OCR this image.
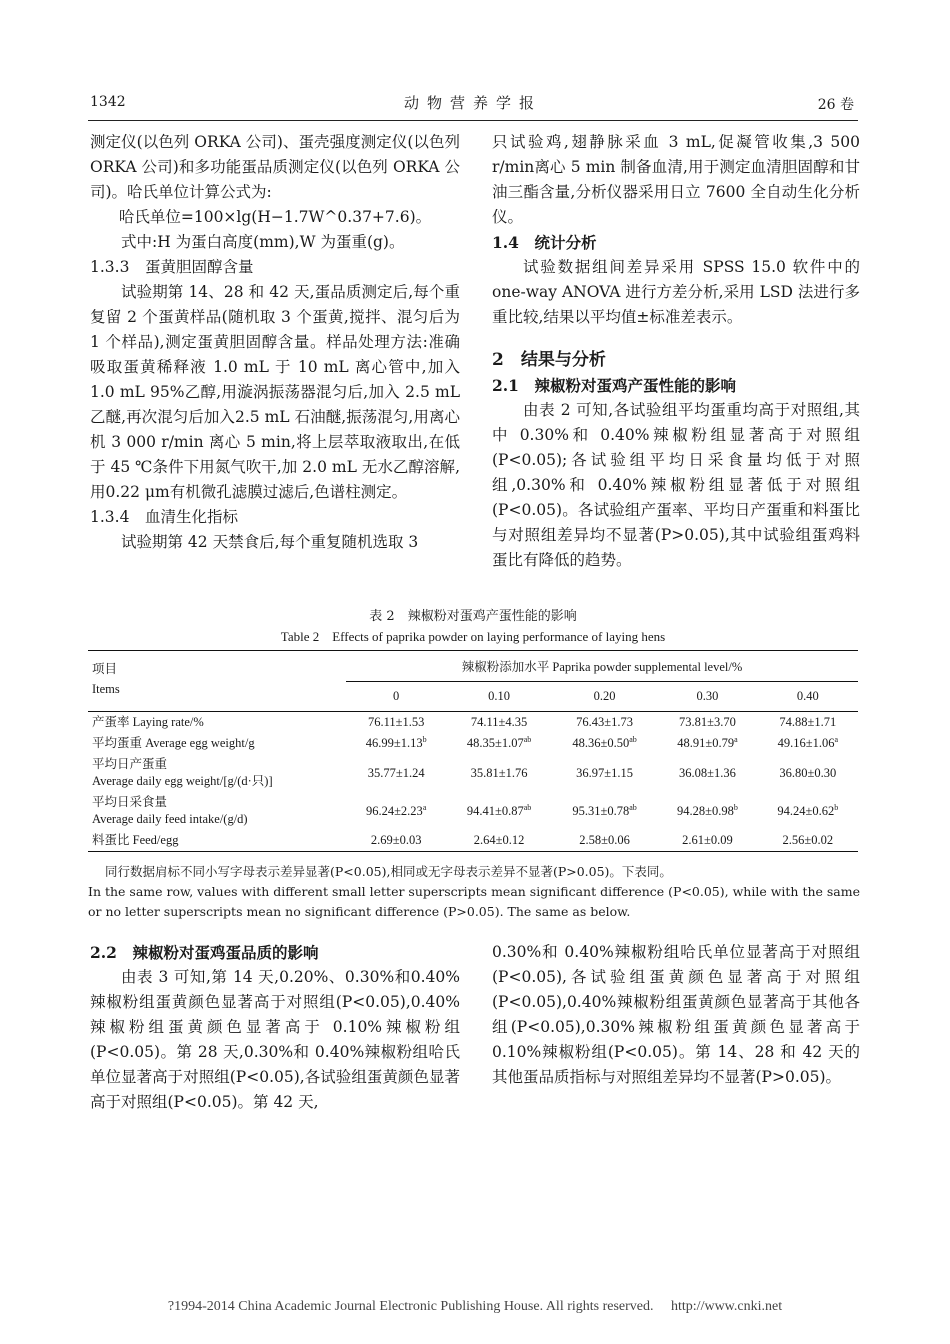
1342	动物营养学报	26 卷

测定仪(以色列 ORKA 公司)、蛋壳强度测定仪(以色列 ORKA 公司)和多功能蛋品质测定仪(以色列 ORKA 公司)。哈氏单位计算公式为:

哈氏单位=100×lg(H−1.7W^0.37+7.6)。

式中:H 为蛋白高度(mm),W 为蛋重(g)。

1.3.3　蛋黄胆固醇含量

试验期第 14、28 和 42 天,蛋品质测定后,每个重复留 2 个蛋黄样品(随机取 3 个蛋黄,搅拌、混匀后为 1 个样品),测定蛋黄胆固醇含量。样品处理方法:准确吸取蛋黄稀释液 1.0 mL 于 10 mL 离心管中,加入 1.0 mL 95%乙醇,用漩涡振荡器混匀后,加入 2.5 mL 乙醚,再次混匀后加入2.5 mL 石油醚,振荡混匀,用离心机 3 000 r/min 离心 5 min,将上层萃取液取出,在低于 45 ℃条件下用氮气吹干,加 2.0 mL 无水乙醇溶解,用0.22 μm有机微孔滤膜过滤后,色谱柱测定。

1.3.4　血清生化指标

试验期第 42 天禁食后,每个重复随机选取 3

只试验鸡,翅静脉采血 3 mL,促凝管收集,3 500 r/min离心 5 min 制备血清,用于测定血清胆固醇和甘油三酯含量,分析仪器采用日立 7600 全自动生化分析仪。

1.4　统计分析

试验数据组间差异采用 SPSS 15.0 软件中的 one-way ANOVA 进行方差分析,采用 LSD 法进行多重比较,结果以平均值±标准差表示。

2　结果与分析

2.1　辣椒粉对蛋鸡产蛋性能的影响

由表 2 可知,各试验组平均蛋重均高于对照组,其中 0.30%和 0.40%辣椒粉组显著高于对照组(P<0.05);各试验组平均日采食量均低于对照组,0.30%和 0.40%辣椒粉组显著低于对照组(P<0.05)。各试验组产蛋率、平均日产蛋重和料蛋比与对照组差异均不显著(P>0.05),其中试验组蛋鸡料蛋比有降低的趋势。

表 2　辣椒粉对蛋鸡产蛋性能的影响
Table 2　Effects of paprika powder on laying performance of laying hens
项目
Items	辣椒粉添加水平 Paprika powder supplemental level/%				
	0	0.10	0.20	0.30	0.40

产蛋率 Laying rate/%	76.11±1.53	74.11±4.35	76.43±1.73	73.81±3.70	74.88±1.71

平均蛋重 Average egg weight/g	46.99±1.13$^b$	48.35±1.07$^{ab}$	48.36±0.50$^{ab}$	48.91±0.79$^a$	49.16±1.06$^a$

平均日产蛋重
Average daily egg weight/[g/(d·只)]	35.77±1.24	35.81±1.76	36.97±1.15	36.08±1.36	36.80±0.30

平均日采食量
Average daily feed intake/(g/d)	96.24±2.23$^a$	94.41±0.87$^{ab}$	95.31±0.78$^{ab}$	94.28±0.98$^b$	94.24±0.62$^b$

料蛋比 Feed/egg	2.69±0.03	2.64±0.12	2.58±0.06	2.61±0.09	2.56±0.02

同行数据肩标不同小写字母表示差异显著(P<0.05),相同或无字母表示差异不显著(P>0.05)。下表同。

In the same row, values with different small letter superscripts mean significant difference (P<0.05), while with the same or no letter superscripts mean no significant difference (P>0.05). The same as below.

2.2　辣椒粉对蛋鸡蛋品质的影响

由表 3 可知,第 14 天,0.20%、0.30%和0.40%辣椒粉组蛋黄颜色显著高于对照组(P<0.05),0.40%辣椒粉组蛋黄颜色显著高于 0.10%辣椒粉组(P<0.05)。第 28 天,0.30%和 0.40%辣椒粉组哈氏单位显著高于对照组(P<0.05),各试验组蛋黄颜色显著高于对照组(P<0.05)。第 42 天,

0.30%和 0.40%辣椒粉组哈氏单位显著高于对照组(P<0.05),各试验组蛋黄颜色显著高于对照组(P<0.05),0.40%辣椒粉组蛋黄颜色显著高于其他各组(P<0.05),0.30%辣椒粉组蛋黄颜色显著高于 0.10%辣椒粉组(P<0.05)。第 14、28 和 42 天的其他蛋品质指标与对照组差异均不显著(P>0.05)。

?1994-2014 China Academic Journal Electronic Publishing House. All rights reserved.　 http://www.cnki.net
